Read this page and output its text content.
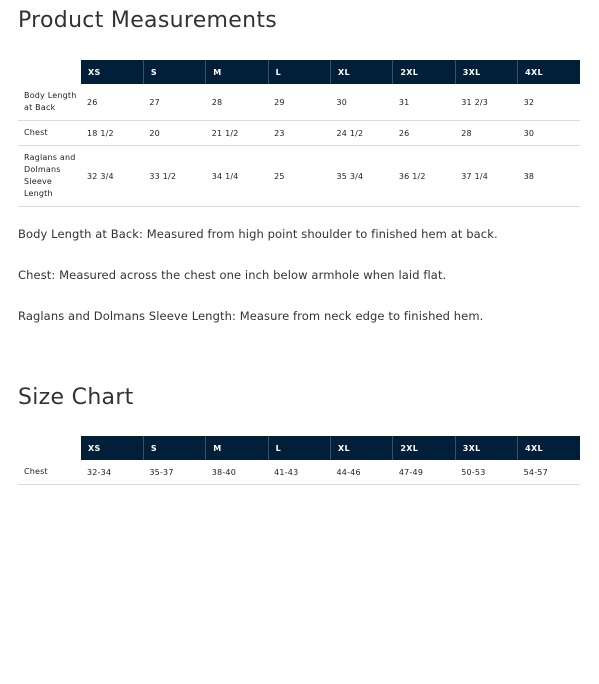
Product Measurements
	XS	S	M	L	XL	2XL	3XL	4XL
Body Length at Back	26	27	28	29	30	31	31 2/3	32
Chest	18 1/2	20	21 1/2	23	24 1/2	26	28	30
Raglans and Dolmans Sleeve Length	32 3/4	33 1/2	34 1/4	25	35 3/4	36 1/2	37 1/4	38

Body Length at Back: Measured from high point shoulder to finished hem at back.

Chest: Measured across the chest one inch below armhole when laid flat.

Raglans and Dolmans Sleeve Length: Measure from neck edge to finished hem.

Size Chart
	XS	S	M	L	XL	2XL	3XL	4XL
Chest	32-34	35-37	38-40	41-43	44-46	47-49	50-53	54-57
